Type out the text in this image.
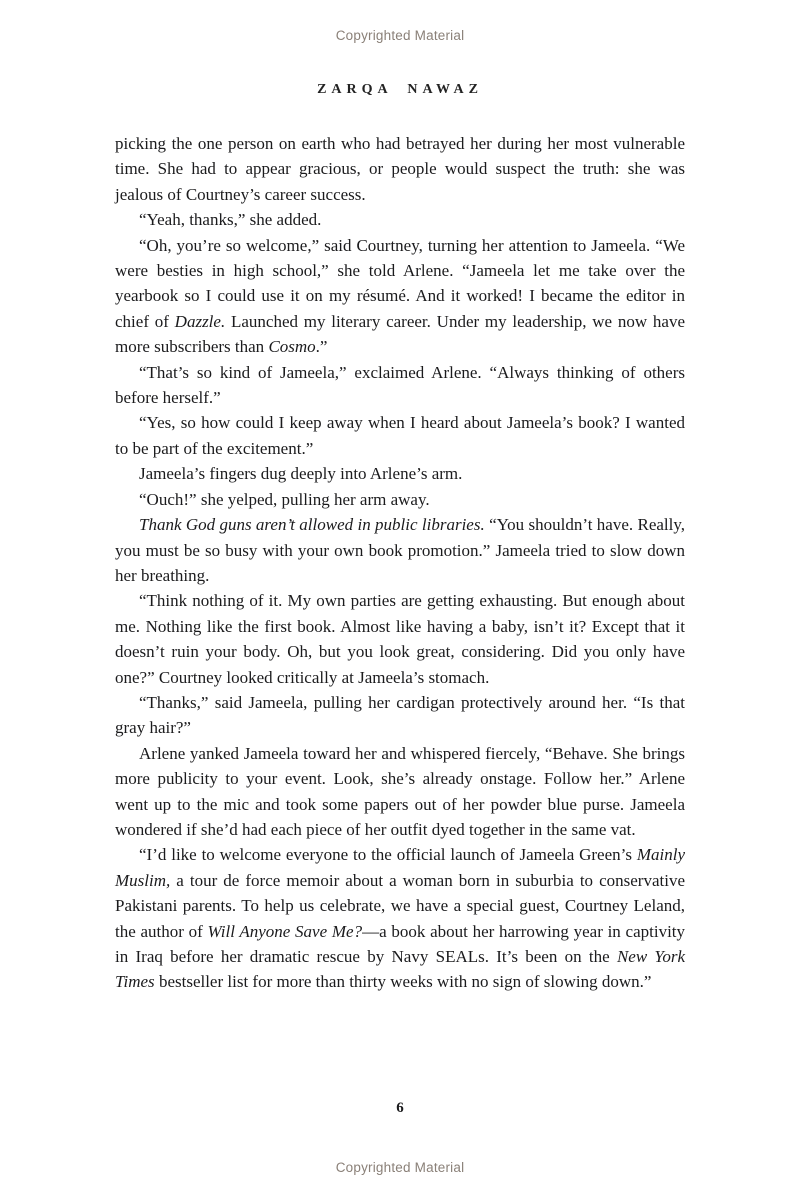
Copyrighted Material
ZARQA NAWAZ

picking the one person on earth who had betrayed her during her most vulnerable time. She had to appear gracious, or people would suspect the truth: she was jealous of Courtney’s career success.

“Yeah, thanks,” she added.

“Oh, you’re so welcome,” said Courtney, turning her attention to Jameela. “We were besties in high school,” she told Arlene. “Jameela let me take over the yearbook so I could use it on my résumé. And it worked! I became the editor in chief of Dazzle. Launched my literary career. Under my leadership, we now have more subscribers than Cosmo.”

“That’s so kind of Jameela,” exclaimed Arlene. “Always thinking of others before herself.”

“Yes, so how could I keep away when I heard about Jameela’s book? I wanted to be part of the excitement.”

Jameela’s fingers dug deeply into Arlene’s arm.

“Ouch!” she yelped, pulling her arm away.

Thank God guns aren’t allowed in public libraries. “You shouldn’t have. Really, you must be so busy with your own book promotion.” Jameela tried to slow down her breathing.

“Think nothing of it. My own parties are getting exhausting. But enough about me. Nothing like the first book. Almost like having a baby, isn’t it? Except that it doesn’t ruin your body. Oh, but you look great, considering. Did you only have one?” Courtney looked critically at Jameela’s stomach.

“Thanks,” said Jameela, pulling her cardigan protectively around her. “Is that gray hair?”

Arlene yanked Jameela toward her and whispered fiercely, “Behave. She brings more publicity to your event. Look, she’s already onstage. Follow her.” Arlene went up to the mic and took some papers out of her powder blue purse. Jameela wondered if she’d had each piece of her outfit dyed together in the same vat.

“I’d like to welcome everyone to the official launch of Jameela Green’s Mainly Muslim, a tour de force memoir about a woman born in suburbia to conservative Pakistani parents. To help us celebrate, we have a special guest, Courtney Leland, the author of Will Anyone Save Me?—a book about her harrowing year in captivity in Iraq before her dramatic rescue by Navy SEALs. It’s been on the New York Times bestseller list for more than thirty weeks with no sign of slowing down.”

6
Copyrighted Material
